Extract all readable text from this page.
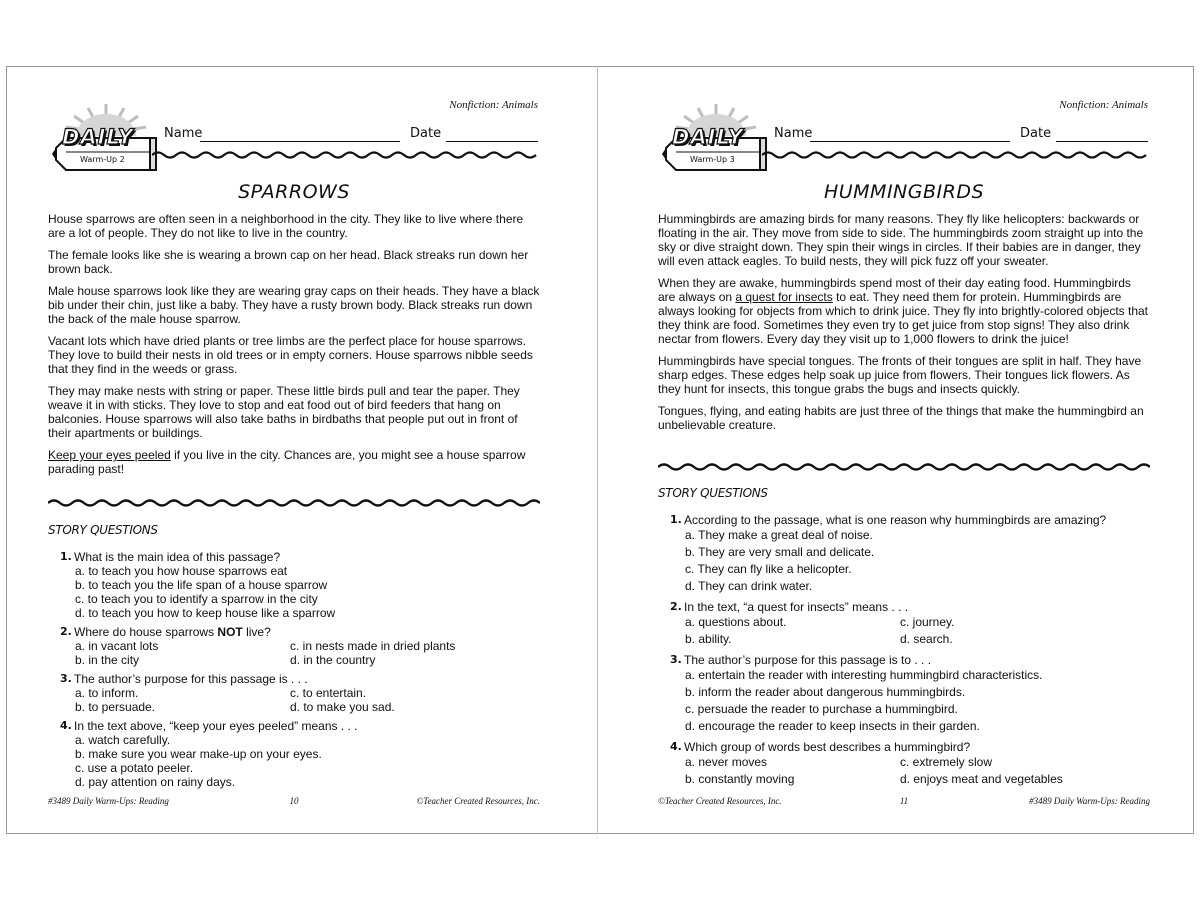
Nonfiction: Animals
DAILY
Warm-Up 2
Name	Date
SPARROWS

House sparrows are often seen in a neighborhood in the city. They like to live where there are a lot of people. They do not like to live in the country.

The female looks like she is wearing a brown cap on her head. Black streaks run down her brown back.

Male house sparrows look like they are wearing gray caps on their heads. They have a black bib under their chin, just like a baby. They have a rusty brown body. Black streaks run down the back of the male house sparrow.

Vacant lots which have dried plants or tree limbs are the perfect place for house sparrows. They love to build their nests in old trees or in empty corners. House sparrows nibble seeds that they find in the weeds or grass.

They may make nests with string or paper. These little birds pull and tear the paper. They weave it in with sticks. They love to stop and eat food out of bird feeders that hang on balconies. House sparrows will also take baths in birdbaths that people put out in front of their apartments or buildings.

Keep your eyes peeled if you live in the city. Chances are, you might see a house sparrow parading past!

STORY QUESTIONS
1. What is the main idea of this passage?
a. to teach you how house sparrows eat
b. to teach you the life span of a house sparrow
c. to teach you to identify a sparrow in the city
d. to teach you how to keep house like a sparrow
2. Where do house sparrows NOT live?
a. in vacant lots	c. in nests made in dried plants
b. in the city	d. in the country
3. The author’s purpose for this passage is . . .
a. to inform.	c. to entertain.
b. to persuade.	d. to make you sad.
4. In the text above, “keep your eyes peeled” means . . .
a. watch carefully.
b. make sure you wear make-up on your eyes.
c. use a potato peeler.
d. pay attention on rainy days.
#3489 Daily Warm-Ups: Reading	10	©Teacher Created Resources, Inc.
Nonfiction: Animals
DAILY
Warm-Up 3
Name	Date
HUMMINGBIRDS

Hummingbirds are amazing birds for many reasons. They fly like helicopters: backwards or floating in the air. They move from side to side. The hummingbirds zoom straight up into the sky or dive straight down. They spin their wings in circles. If their babies are in danger, they will even attack eagles. To build nests, they will pick fuzz off your sweater.

When they are awake, hummingbirds spend most of their day eating food. Hummingbirds are always on a quest for insects to eat. They need them for protein. Hummingbirds are always looking for objects from which to drink juice. They fly into brightly-colored objects that they think are food. Sometimes they even try to get juice from stop signs! They also drink nectar from flowers. Every day they visit up to 1,000 flowers to drink the juice!

Hummingbirds have special tongues. The fronts of their tongues are split in half. They have sharp edges. These edges help soak up juice from flowers. Their tongues lick flowers. As they hunt for insects, this tongue grabs the bugs and insects quickly.

Tongues, flying, and eating habits are just three of the things that make the hummingbird an unbelievable creature.

STORY QUESTIONS
1. According to the passage, what is one reason why hummingbirds are amazing?
a. They make a great deal of noise.
b. They are very small and delicate.
c. They can fly like a helicopter.
d. They can drink water.
2. In the text, “a quest for insects” means . . .
a. questions about.	c. journey.
b. ability.	d. search.
3. The author’s purpose for this passage is to . . .
a. entertain the reader with interesting hummingbird characteristics.
b. inform the reader about dangerous hummingbirds.
c. persuade the reader to purchase a hummingbird.
d. encourage the reader to keep insects in their garden.
4. Which group of words best describes a hummingbird?
a. never moves	c. extremely slow
b. constantly moving	d. enjoys meat and vegetables
©Teacher Created Resources, Inc.	11	#3489 Daily Warm-Ups: Reading
